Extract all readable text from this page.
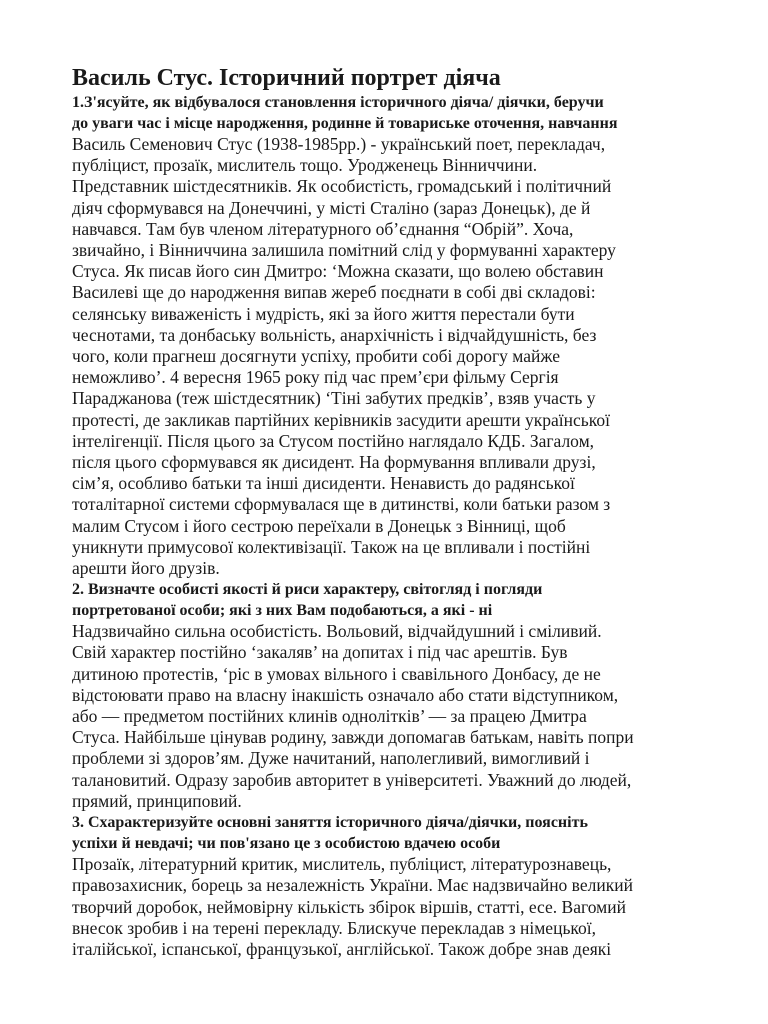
Василь Стус. Історичний портрет діяча
1.З'ясуйте, як відбувалося становлення історичного діяча/ діячки, беручи
до уваги час і місце народження, родинне й товариське оточення, навчання
Василь Семенович Стус (1938-1985рр.) - український поет, перекладач,
публіцист, прозаїк, мислитель тощо. Уродженець Вінниччини.
Представник шістдесятників. Як особистість, громадський і політичний
діяч сформувався на Донеччині, у місті Сталіно (зараз Донецьк), де й
навчався. Там був членом літературного об’єднання “Обрій”. Хоча,
звичайно, і Вінниччина залишила помітний слід у формуванні характеру
Стуса. Як писав його син Дмитро: ‘Можна сказати, що волею обставин
Василеві ще до народження випав жереб поєднати в собі дві складові:
селянську виваженість і мудрість, які за його життя перестали бути
чеснотами, та донбаську вольність, анархічність і відчайдушність, без
чого, коли прагнеш досягнути успіху, пробити собі дорогу майже
неможливо’. 4 вересня 1965 року під час прем’єри фільму Сергія
Параджанова (теж шістдесятник) ‘Тіні забутих предків’, взяв участь у
протесті, де закликав партійних керівників засудити арешти української
інтелігенції. Після цього за Стусом постійно наглядало КДБ. Загалом,
після цього сформувався як дисидент. На формування впливали друзі,
сім’я, особливо батьки та інші дисиденти. Ненависть до радянської
тоталітарної системи сформувалася ще в дитинстві, коли батьки разом з
малим Стусом і його сестрою переїхали в Донецьк з Вінниці, щоб
уникнути примусової колективізації. Також на це впливали і постійні
арешти його друзів.
2. Визначте особисті якості й риси характеру, світогляд і погляди
портретованої особи; які з них Вам подобаються, а які - ні
Надзвичайно сильна особистість. Вольовий, відчайдушний і сміливий.
Свій характер постійно ‘закаляв’ на допитах і під час арештів. Був
дитиною протестів, ‘ріс в умовах вільного і свавільного Донбасу, де не
відстоювати право на власну інакшість означало або стати відступником,
або — предметом постійних клинів однолітків’ — за працею Дмитра
Стуса. Найбільше цінував родину, завжди допомагав батькам, навіть попри
проблеми зі здоров’ям. Дуже начитаний, наполегливий, вимогливий і
талановитий. Одразу заробив авторитет в університеті. Уважний до людей,
прямий, принциповий.
3. Схарактеризуйте основні заняття історичного діяча/діячки, поясніть
успіхи й невдачі; чи пов'язано це з особистою вдачею особи
Прозаїк, літературний критик, мислитель, публіцист, літературознавець,
правозахисник, борець за незалежність України. Має надзвичайно великий
творчий доробок, неймовірну кількість збірок віршів, статті, есе. Вагомий
внесок зробив і на терені перекладу. Блискуче перекладав з німецької,
італійської, іспанської, французької, англійської. Також добре знав деякі
